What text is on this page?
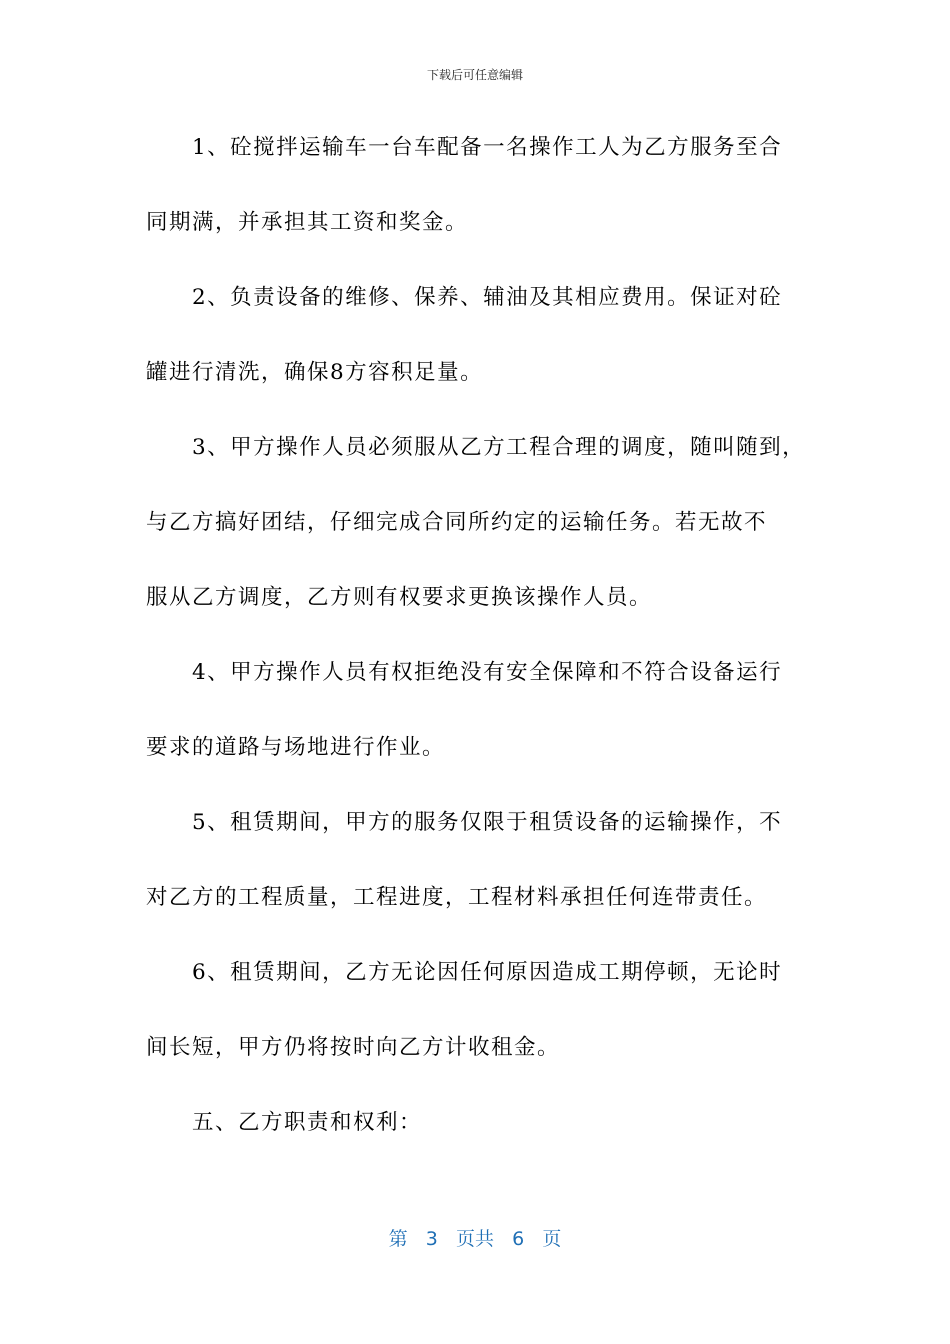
下载后可任意编辑
1、砼搅拌运输车一台车配备一名操作工人为乙方服务至合
同期满，并承担其工资和奖金。
2、负责设备的维修、保养、辅油及其相应费用。保证对砼
罐进行清洗，确保8方容积足量。
3、甲方操作人员必须服从乙方工程合理的调度，随叫随到，
与乙方搞好团结，仔细完成合同所约定的运输任务。若无故不
服从乙方调度，乙方则有权要求更换该操作人员。
4、甲方操作人员有权拒绝没有安全保障和不符合设备运行
要求的道路与场地进行作业。
5、租赁期间，甲方的服务仅限于租赁设备的运输操作，不
对乙方的工程质量，工程进度，工程材料承担任何连带责任。
6、租赁期间，乙方无论因任何原因造成工期停顿，无论时
间长短，甲方仍将按时向乙方计收租金。
五、乙方职责和权利：
第 3 页共 6 页
